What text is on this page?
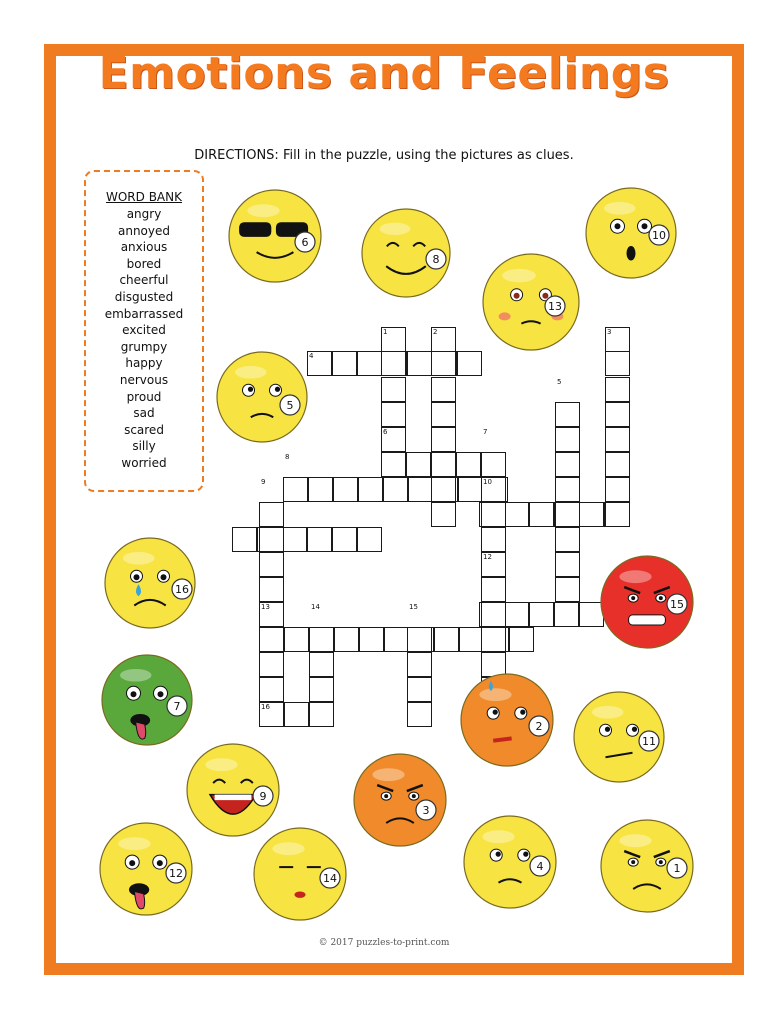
Emotions and Feelings
DIRECTIONS: Fill in the puzzle, using the pictures as clues.
WORD BANK
angry
annoyed
anxious
bored
cheerful
disgusted
embarrassed
excited
grumpy
happy
nervous
proud
sad
scared
silly
worried
1	2	3
4
5
6	7
8
9	10
12
13	14	15
16
6
8
10
13
5
16
15
7
2
11
9
3
12	14
4	1
© 2017 puzzles-to-print.com
